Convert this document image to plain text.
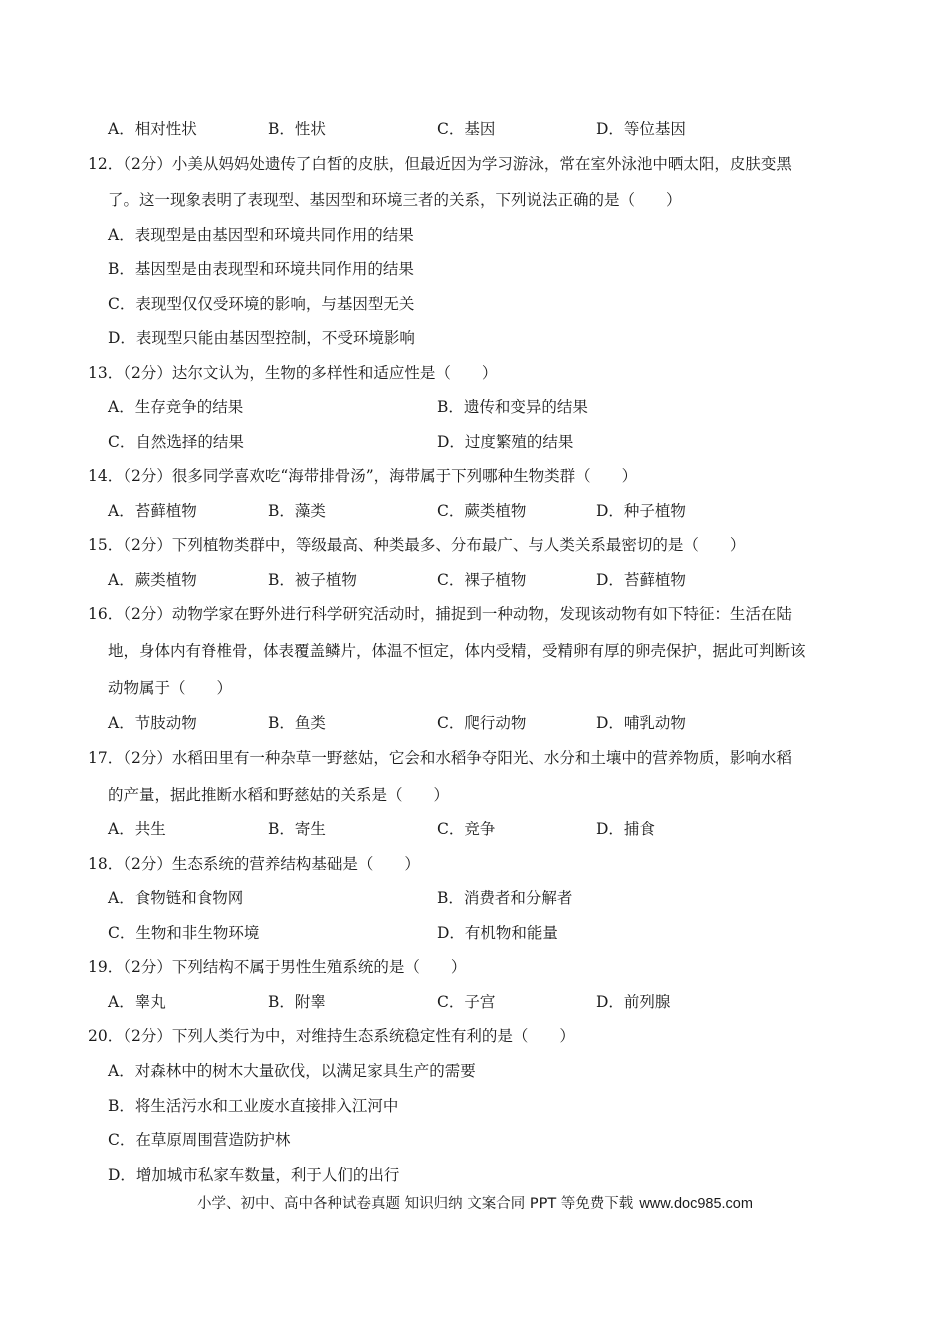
A．相对性状	B．性状	C．基因	D．等位基因
12．（2分）小美从妈妈处遗传了白皙的皮肤，但最近因为学习游泳，常在室外泳池中晒太阳，皮肤变黑
了。这一现象表明了表现型、基因型和环境三者的关系，下列说法正确的是（　　）
A．表现型是由基因型和环境共同作用的结果
B．基因型是由表现型和环境共同作用的结果
C．表现型仅仅受环境的影响，与基因型无关
D．表现型只能由基因型控制，不受环境影响
13．（2分）达尔文认为，生物的多样性和适应性是（　　）
A．生存竞争的结果	B．遗传和变异的结果
C．自然选择的结果	D．过度繁殖的结果
14．（2分）很多同学喜欢吃“海带排骨汤”，海带属于下列哪种生物类群（　　）
A．苔藓植物	B．藻类	C．蕨类植物	D．种子植物
15．（2分）下列植物类群中，等级最高、种类最多、分布最广、与人类关系最密切的是（　　）
A．蕨类植物	B．被子植物	C．裸子植物	D．苔藓植物
16．（2分）动物学家在野外进行科学研究活动时，捕捉到一种动物，发现该动物有如下特征：生活在陆
地，身体内有脊椎骨，体表覆盖鳞片，体温不恒定，体内受精，受精卵有厚的卵壳保护，据此可判断该
动物属于（　　）
A．节肢动物	B．鱼类	C．爬行动物	D．哺乳动物
17．（2分）水稻田里有一种杂草一野慈姑，它会和水稻争夺阳光、水分和土壤中的营养物质，影响水稻
的产量，据此推断水稻和野慈姑的关系是（　　）
A．共生	B．寄生	C．竞争	D．捕食
18．（2分）生态系统的营养结构基础是（　　）
A．食物链和食物网	B．消费者和分解者
C．生物和非生物环境	D．有机物和能量
19．（2分）下列结构不属于男性生殖系统的是（　　）
A．睾丸	B．附睾	C．子宫	D．前列腺
20．（2分）下列人类行为中，对维持生态系统稳定性有利的是（　　）
A．对森林中的树木大量砍伐，以满足家具生产的需要
B．将生活污水和工业废水直接排入江河中
C．在草原周围营造防护林
D．增加城市私家车数量，利于人们的出行
小学、初中、高中各种试卷真题 知识归纳 文案合同 PPT 等免费下载 www.doc985.com
